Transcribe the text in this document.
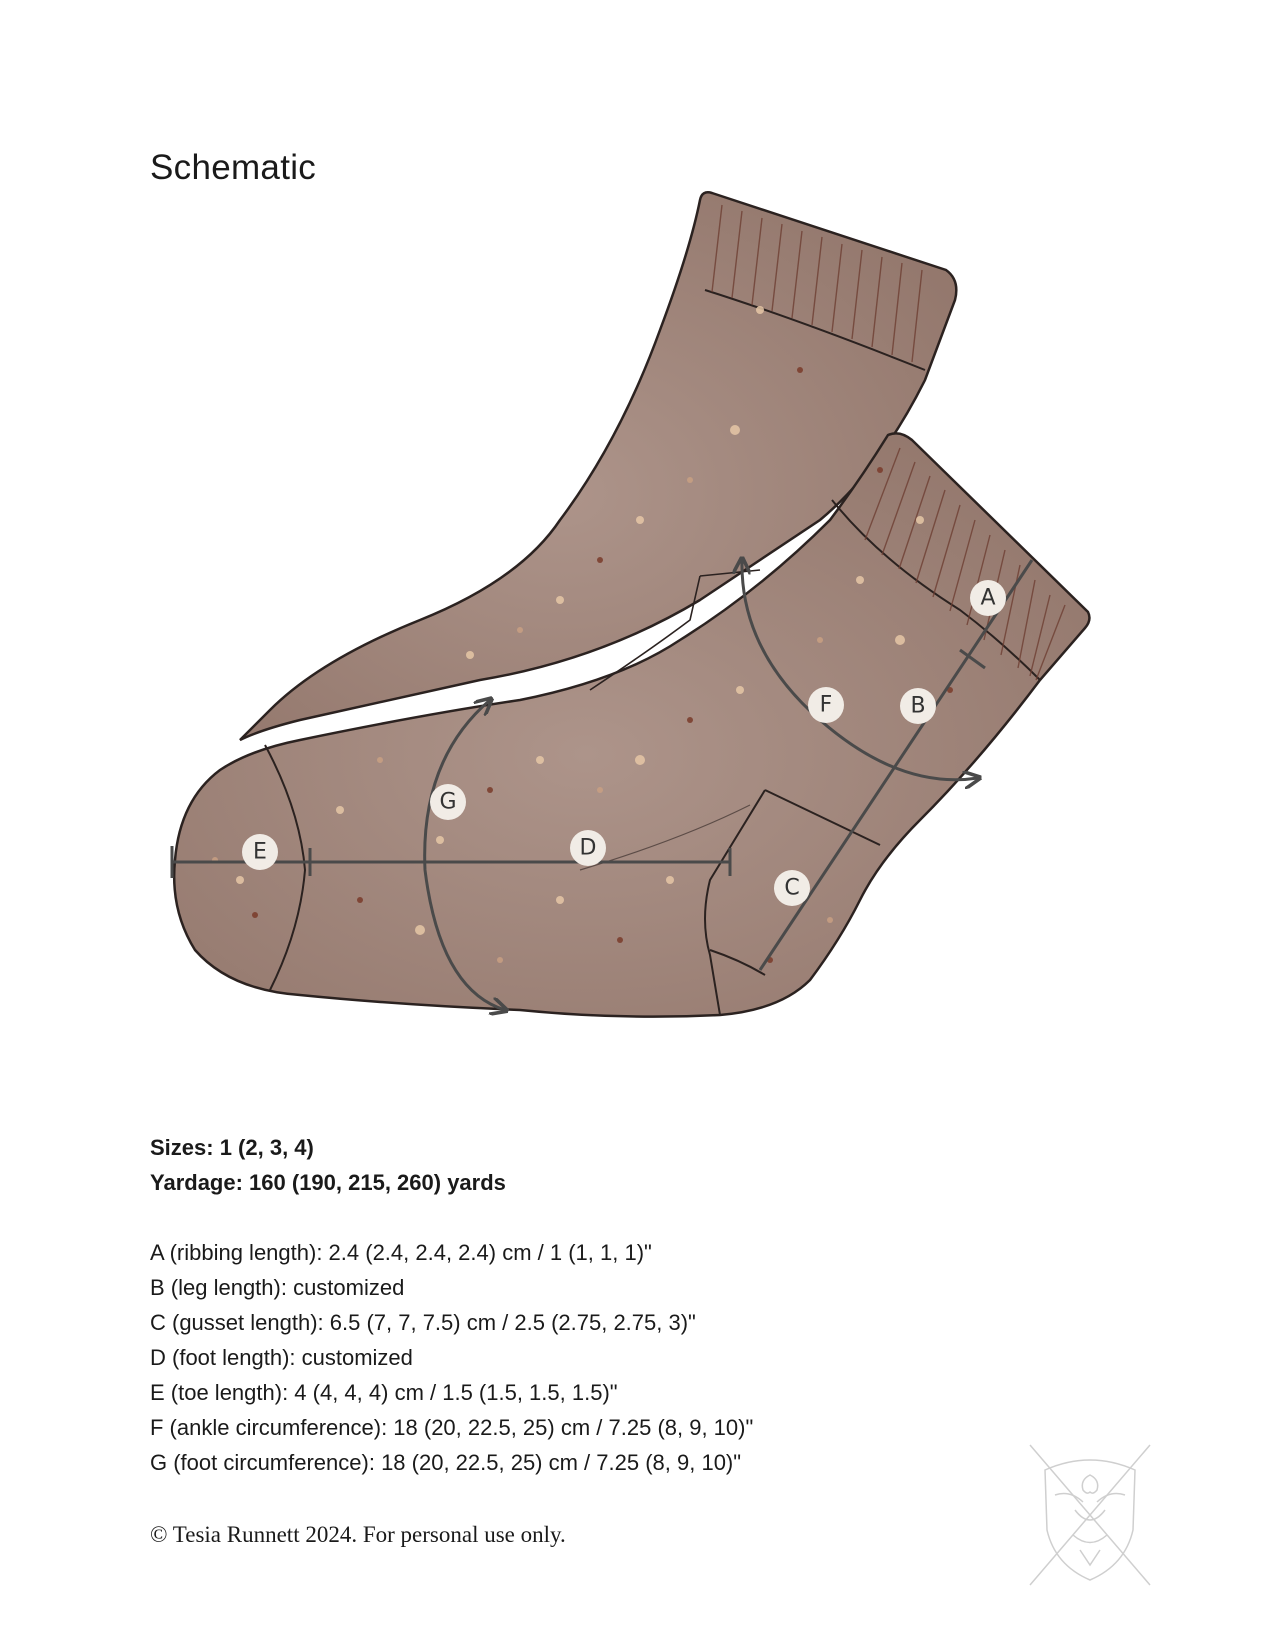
Schematic
A
B
C
D
E
F
G
Sizes: 1 (2, 3, 4)
Yardage: 160 (190, 215, 260) yards
A (ribbing length): 2.4 (2.4, 2.4, 2.4) cm / 1 (1, 1, 1)"
B (leg length): customized
C (gusset length): 6.5 (7, 7, 7.5) cm / 2.5 (2.75, 2.75, 3)"
D (foot length): customized
E (toe length): 4 (4, 4, 4) cm / 1.5 (1.5, 1.5, 1.5)"
F (ankle circumference): 18 (20, 22.5, 25) cm / 7.25 (8, 9, 10)"
G (foot circumference): 18 (20, 22.5, 25) cm / 7.25 (8, 9, 10)"
© Tesia Runnett 2024. For personal use only.
